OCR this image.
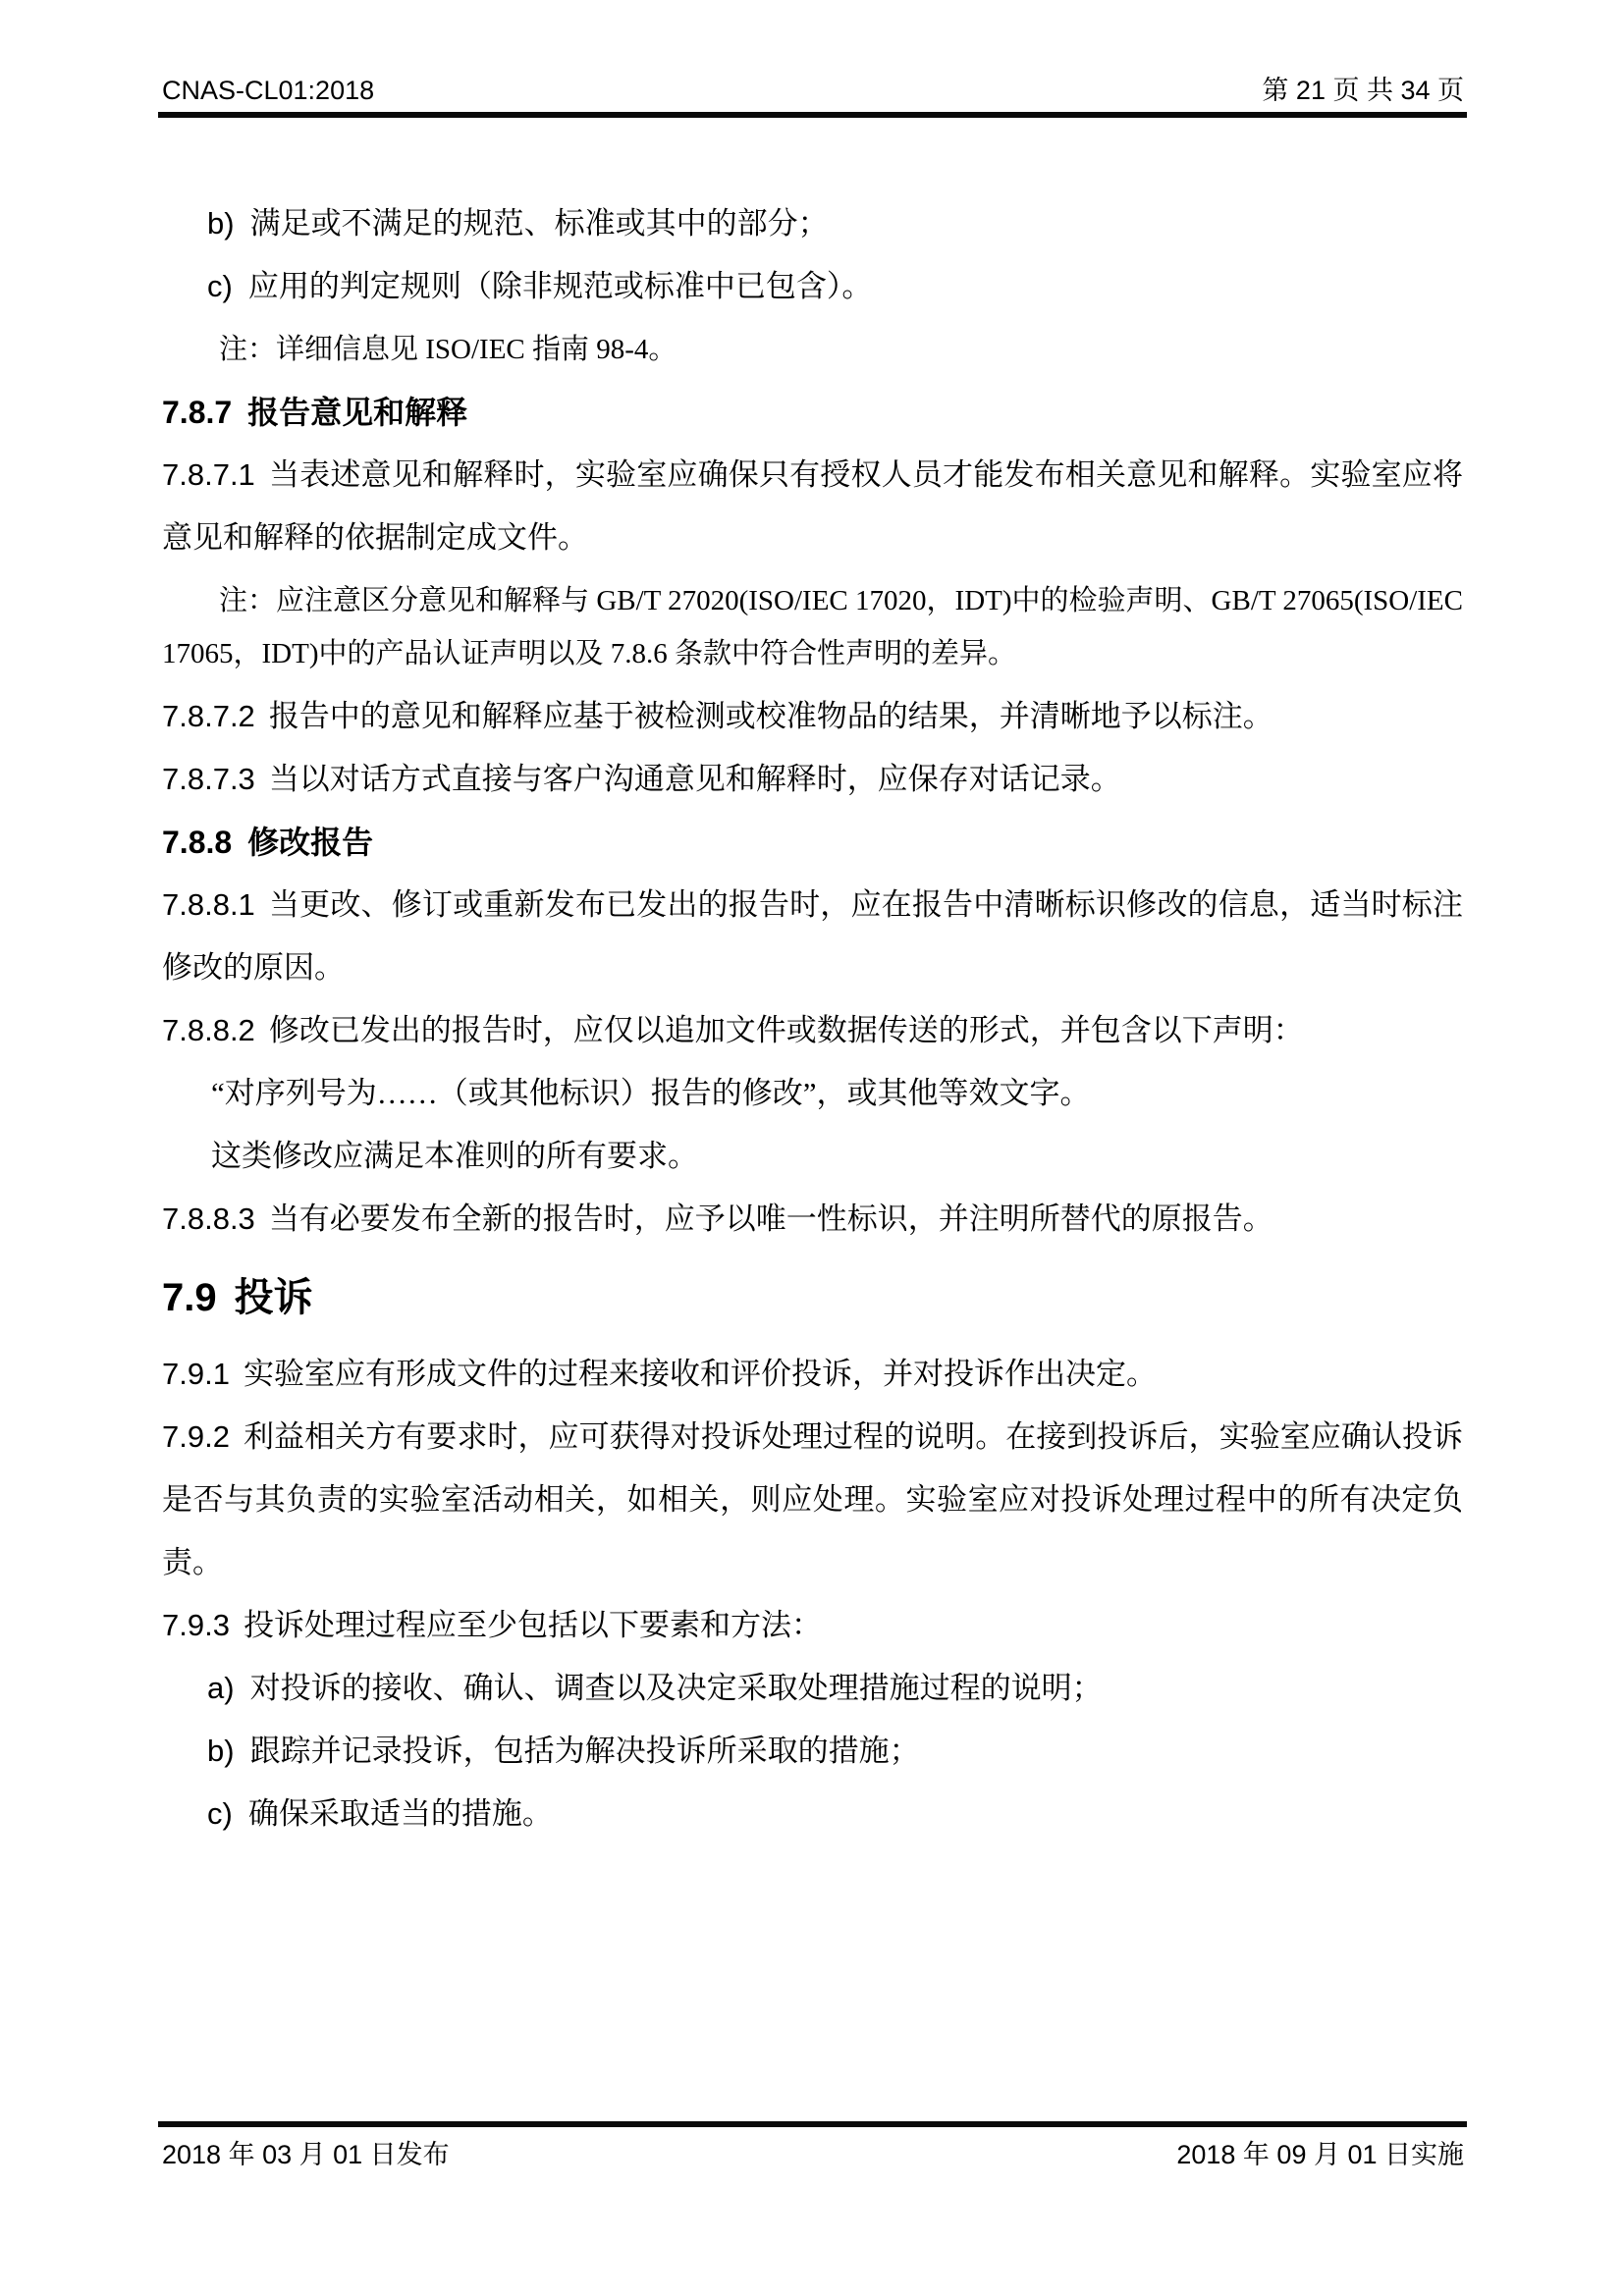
CNAS-CL01:2018	第 21 页 共 34 页

b) 满足或不满足的规范、标准或其中的部分；

c) 应用的判定规则（除非规范或标准中已包含）。

注：详细信息见 ISO/IEC 指南 98-4。

7.8.7 报告意见和解释

7.8.7.1 当表述意见和解释时，实验室应确保只有授权人员才能发布相关意见和解释。实验室应将意见和解释的依据制定成文件。

注：应注意区分意见和解释与 GB/T 27020(ISO/IEC 17020，IDT)中的检验声明、GB/T 27065(ISO/IEC 17065，IDT)中的产品认证声明以及 7.8.6 条款中符合性声明的差异。

7.8.7.2 报告中的意见和解释应基于被检测或校准物品的结果，并清晰地予以标注。

7.8.7.3 当以对话方式直接与客户沟通意见和解释时，应保存对话记录。

7.8.8 修改报告

7.8.8.1 当更改、修订或重新发布已发出的报告时，应在报告中清晰标识修改的信息，适当时标注修改的原因。

7.8.8.2 修改已发出的报告时，应仅以追加文件或数据传送的形式，并包含以下声明：

“对序列号为……（或其他标识）报告的修改”，或其他等效文字。

这类修改应满足本准则的所有要求。

7.8.8.3 当有必要发布全新的报告时，应予以唯一性标识，并注明所替代的原报告。

7.9 投诉

7.9.1 实验室应有形成文件的过程来接收和评价投诉，并对投诉作出决定。

7.9.2 利益相关方有要求时，应可获得对投诉处理过程的说明。在接到投诉后，实验室应确认投诉是否与其负责的实验室活动相关，如相关，则应处理。实验室应对投诉处理过程中的所有决定负责。

7.9.3 投诉处理过程应至少包括以下要素和方法：

a) 对投诉的接收、确认、调查以及决定采取处理措施过程的说明；

b) 跟踪并记录投诉，包括为解决投诉所采取的措施；

c) 确保采取适当的措施。

2018 年 03 月 01 日发布	2018 年 09 月 01 日实施
